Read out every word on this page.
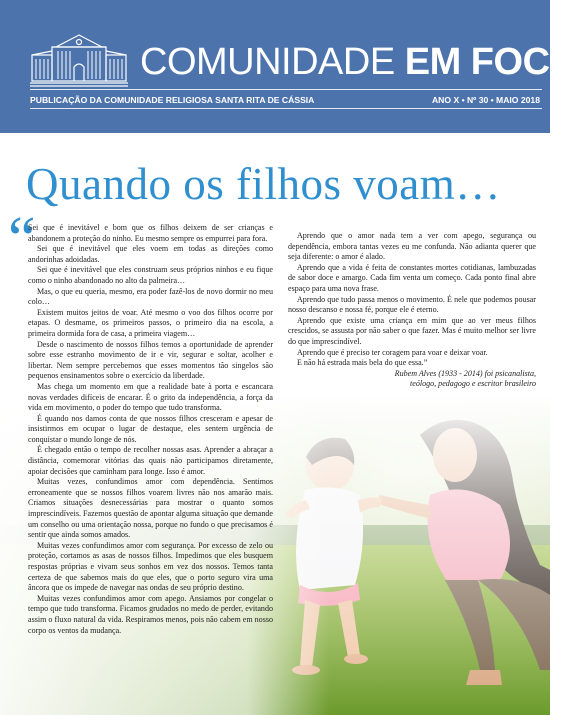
COMUNIDADE EM FOCO
PUBLICAÇÃO DA COMUNIDADE RELIGIOSA SANTA RITA DE CÁSSIA	ANO X • Nº 30 • MAIO 2018
Quando os filhos voam…
“

Sei que é inevitável e bom que os filhos deixem de ser crianças e abandonem a proteção do ninho. Eu mesmo sempre os empurrei para fora.

Sei que é inevitável que eles voem em todas as direções como andorinhas adoidadas.

Sei que é inevitável que eles construam seus próprios ninhos e eu fique como o ninho abandonado no alto da palmeira…

Mas, o que eu queria, mesmo, era poder fazê-los de novo dormir no meu colo…

Existem muitos jeitos de voar. Até mesmo o voo dos filhos ocorre por etapas. O desmame, os primeiros passos, o primeiro dia na escola, a primeira dormida fora de casa, a primeira viagem…

Desde o nascimento de nossos filhos temos a oportunidade de aprender sobre esse estranho movimento de ir e vir, segurar e soltar, acolher e libertar. Nem sempre percebemos que esses momentos tão singelos são pequenos ensinamentos sobre o exercício da liberdade.

Mas chega um momento em que a realidade bate à porta e escancara novas verdades difíceis de encarar. É o grito da independência, a força da vida em movimento, o poder do tempo que tudo transforma.

É quando nos damos conta de que nossos filhos cresceram e apesar de insistirmos em ocupar o lugar de destaque, eles sentem urgência de conquistar o mundo longe de nós.

É chegado então o tempo de recolher nossas asas. Aprender a abraçar a distância, comemorar vitórias das quais não participamos diretamente, apoiar decisões que caminham para longe. Isso é amor.

Muitas vezes, confundimos amor com dependência. Sentimos erroneamente que se nossos filhos voarem livres não nos amarão mais. Criamos situações desnecessárias para mostrar o quanto somos imprescindíveis. Fazemos questão de apontar alguma situação que demande um conselho ou uma orientação nossa, porque no fundo o que precisamos é sentir que ainda somos amados.

Muitas vezes confundimos amor com segurança. Por excesso de zelo ou proteção, cortamos as asas de nossos filhos. Impedimos que eles busquem respostas próprias e vivam seus sonhos em vez dos nossos. Temos tanta certeza de que sabemos mais do que eles, que o porto seguro vira uma âncora que os impede de navegar nas ondas de seu próprio destino.

Muitas vezes confundimos amor com apego. Ansiamos por congelar o tempo que tudo transforma. Ficamos grudados no medo de perder, evitando assim o fluxo natural da vida. Respiramos menos, pois não cabem em nosso corpo os ventos da mudança.

Aprendo que o amor nada tem a ver com apego, segurança ou dependência, embora tantas vezes eu me confunda. Não adianta querer que seja diferente: o amor é alado.

Aprendo que a vida é feita de constantes mortes cotidianas, lambuzadas de sabor doce e amargo. Cada fim venta um começo. Cada ponto final abre espaço para uma nova frase.

Aprendo que tudo passa menos o movimento. É nele que podemos pousar nosso descanso e nossa fé, porque ele é eterno.

Aprendo que existe uma criança em mim que ao ver meus filhos crescidos, se assusta por não saber o que fazer. Mas é muito melhor ser livre do que imprescindível.

Aprendo que é preciso ter coragem para voar e deixar voar.

E não há estrada mais bela do que essa.”

Rubem Alves (1933 - 2014) foi psicanalista,

teólogo, pedagogo e escritor brasileiro
